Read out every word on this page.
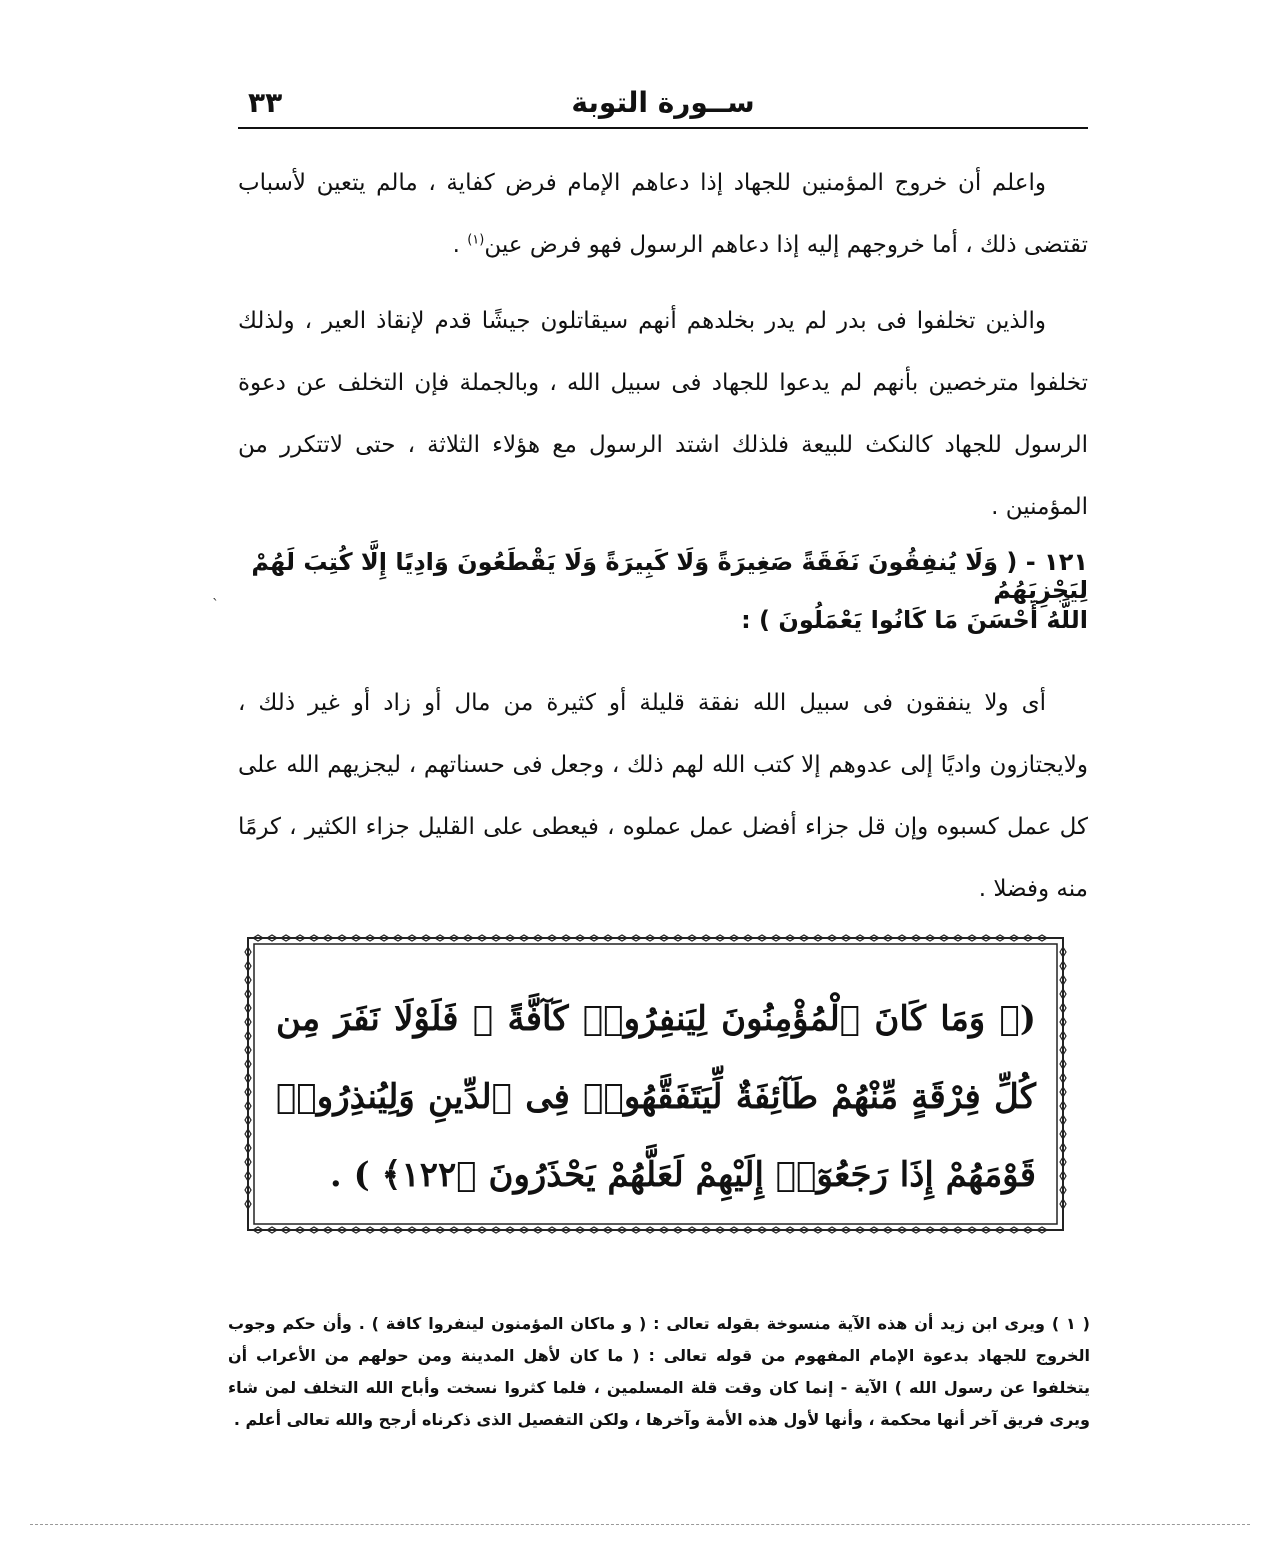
٣٣	ســورة التوبة

واعلم أن خروج المؤمنين للجهاد إذا دعاهم الإمام فرض كفاية ، مالم يتعين لأسباب تقتضى ذلك ، أما خروجهم إليه إذا دعاهم الرسول فهو فرض عين$^{(١)}$ .

والذين تخلفوا فى بدر لم يدر بخلدهم أنهم سيقاتلون جيشًا قدم لإنقاذ العير ، ولذلك تخلفوا مترخصين بأنهم لم يدعوا للجهاد فى سبيل الله ، وبالجملة فإن التخلف عن دعوة الرسول للجهاد كالنكث للبيعة فلذلك اشتد الرسول مع هؤلاء الثلاثة ، حتى لاتتكرر من المؤمنين .

١٢١ - ( وَلَا يُنفِقُونَ نَفَقَةً صَغِيرَةً وَلَا كَبِيرَةً وَلَا يَقْطَعُونَ وَادِيًا إِلَّا كُتِبَ لَهُمْ لِيَجْزِيَهُمُ
اللَّهُ أَحْسَنَ مَا كَانُوا يَعْمَلُونَ ) :
ˎ

أى ولا ينفقون فى سبيل الله نفقة قليلة أو كثيرة من مال أو زاد أو غير ذلك ، ولايجتازون واديًا إلى عدوهم إلا كتب الله لهم ذلك ، وجعل فى حسناتهم ، ليجزيهم الله على كل عمل كسبوه وإن قل جزاء أفضل عمل عملوه ، فيعطى على القليل جزاء الكثير ، كرمًا منه وفضلا .

(۞ وَمَا كَانَ ٱلْمُؤْمِنُونَ لِيَنفِرُوا۟ كَآفَّةً ۚ فَلَوْلَا نَفَرَ مِن كُلِّ فِرْقَةٍ مِّنْهُمْ طَآئِفَةٌ لِّيَتَفَقَّهُوا۟ فِى ٱلدِّينِ وَلِيُنذِرُوا۟ قَوْمَهُمْ إِذَا رَجَعُوٓا۟ إِلَيْهِمْ لَعَلَّهُمْ يَحْذَرُونَ ﴿١٢٢﴾ ) .

( ١ ) ويرى ابن زيد أن هذه الآية منسوخة بقوله تعالى : ( و ماكان المؤمنون لينفروا كافة ) . وأن حكم وجوب الخروج للجهاد بدعوة الإمام المفهوم من قوله تعالى : ( ما كان لأهل المدينة ومن حولهم من الأعراب أن يتخلفوا عن رسول الله ) الآية - إنما كان وقت قلة المسلمين ، فلما كثروا نسخت وأباح الله التخلف لمن شاء ويرى فريق آخر أنها محكمة ، وأنها لأول هذه الأمة وآخرها ، ولكن التفصيل الذى ذكرناه أرجح والله تعالى أعلم .
